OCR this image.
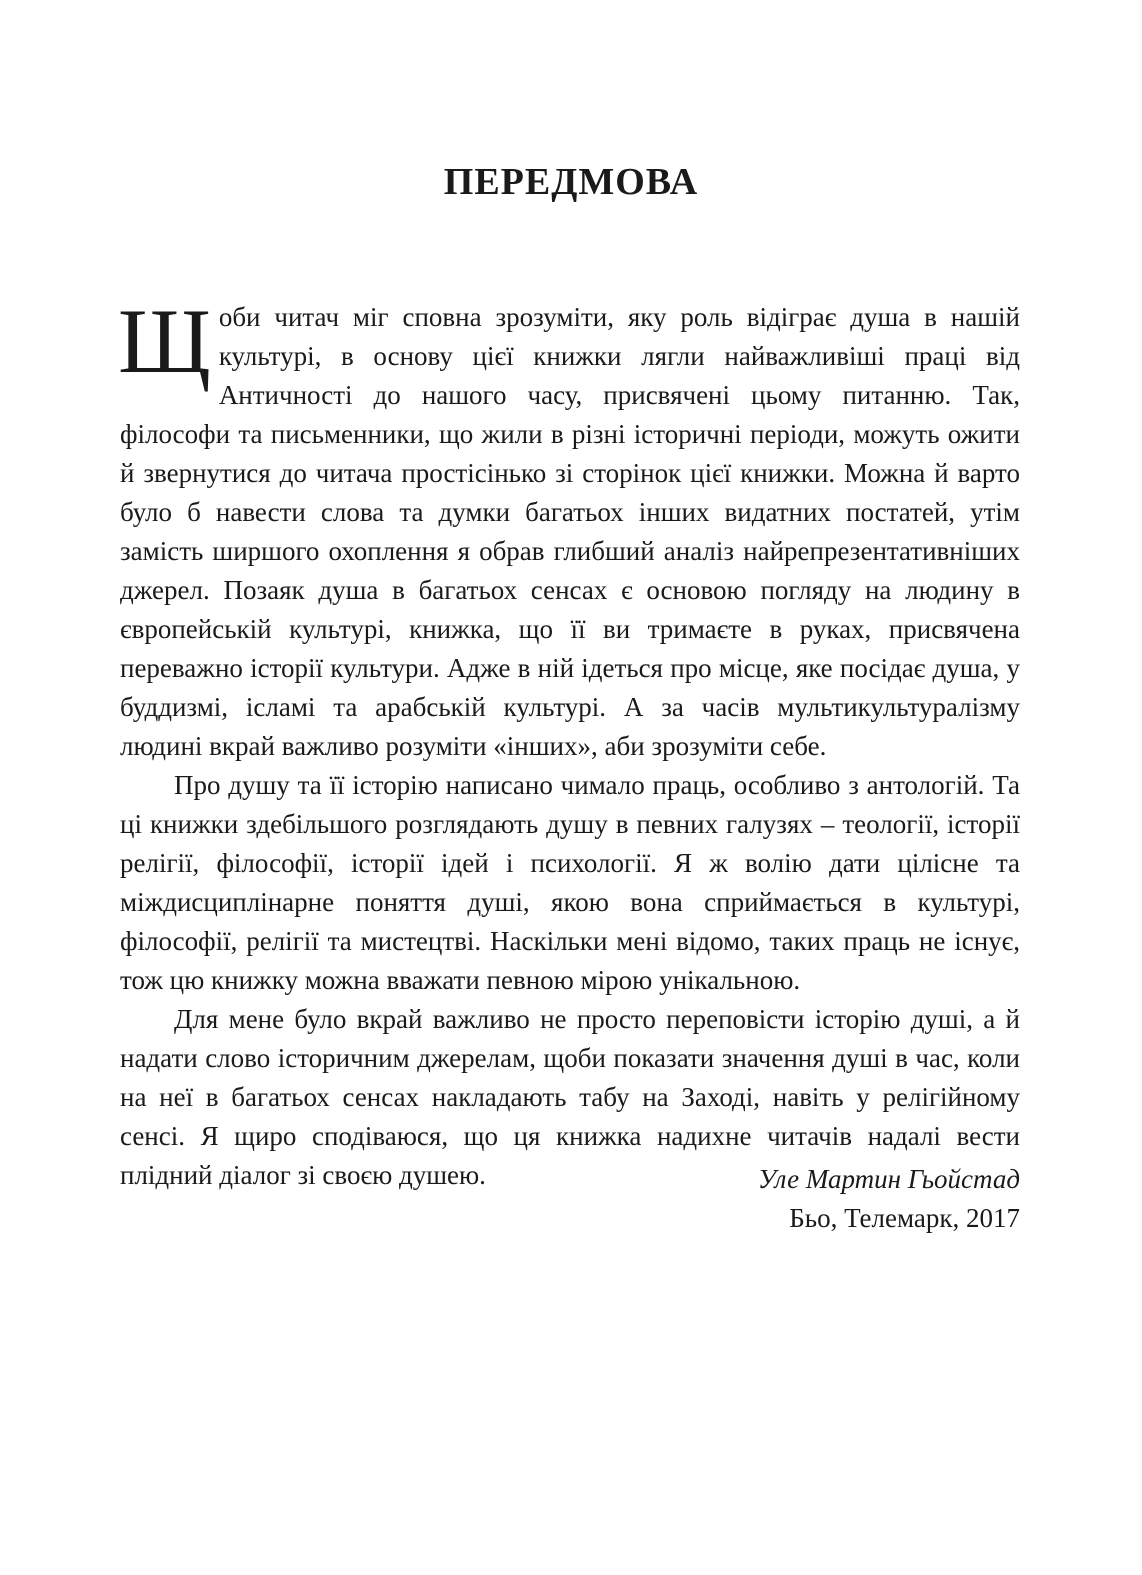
ПЕРЕДМОВА

Щоби читач міг сповна зрозуміти, яку роль відіграє душа в нашій культурі, в основу цієї книжки лягли найважливіші праці від Античності до нашого часу, присвячені цьому питанню. Так, філософи та письменники, що жили в різні історичні періоди, можуть ожити й звернутися до читача простісінько зі сторінок цієї книжки. Можна й варто було б навести слова та думки багатьох інших видатних постатей, утім замість ширшого охоплення я обрав глибший аналіз найрепрезентативніших джерел. Позаяк душа в багатьох сенсах є основою погляду на людину в європейській культурі, книжка, що її ви тримаєте в руках, присвячена переважно історії культури. Адже в ній ідеться про місце, яке посідає душа, у буддизмі, ісламі та арабській культурі. А за часів мультикультуралізму людині вкрай важливо розуміти «інших», аби зрозуміти себе.

Про душу та її історію написано чимало праць, особливо з антологій. Та ці книжки здебільшого розглядають душу в певних галузях – теології, історії релігії, філософії, історії ідей і психології. Я ж волію дати цілісне та міждисциплінарне поняття душі, якою вона сприймається в культурі, філософії, релігії та мистецтві. Наскільки мені відомо, таких праць не існує, тож цю книжку можна вважати певною мірою унікальною.

Для мене було вкрай важливо не просто переповісти історію душі, а й надати слово історичним джерелам, щоби показати значення душі в час, коли на неї в багатьох сенсах накладають табу на Заході, навіть у релігійному сенсі. Я щиро сподіваюся, що ця книжка надихне читачів надалі вести плідний діалог зі своєю душею.	Уле Мартин Гьойстад
Бьо, Телемарк, 2017
